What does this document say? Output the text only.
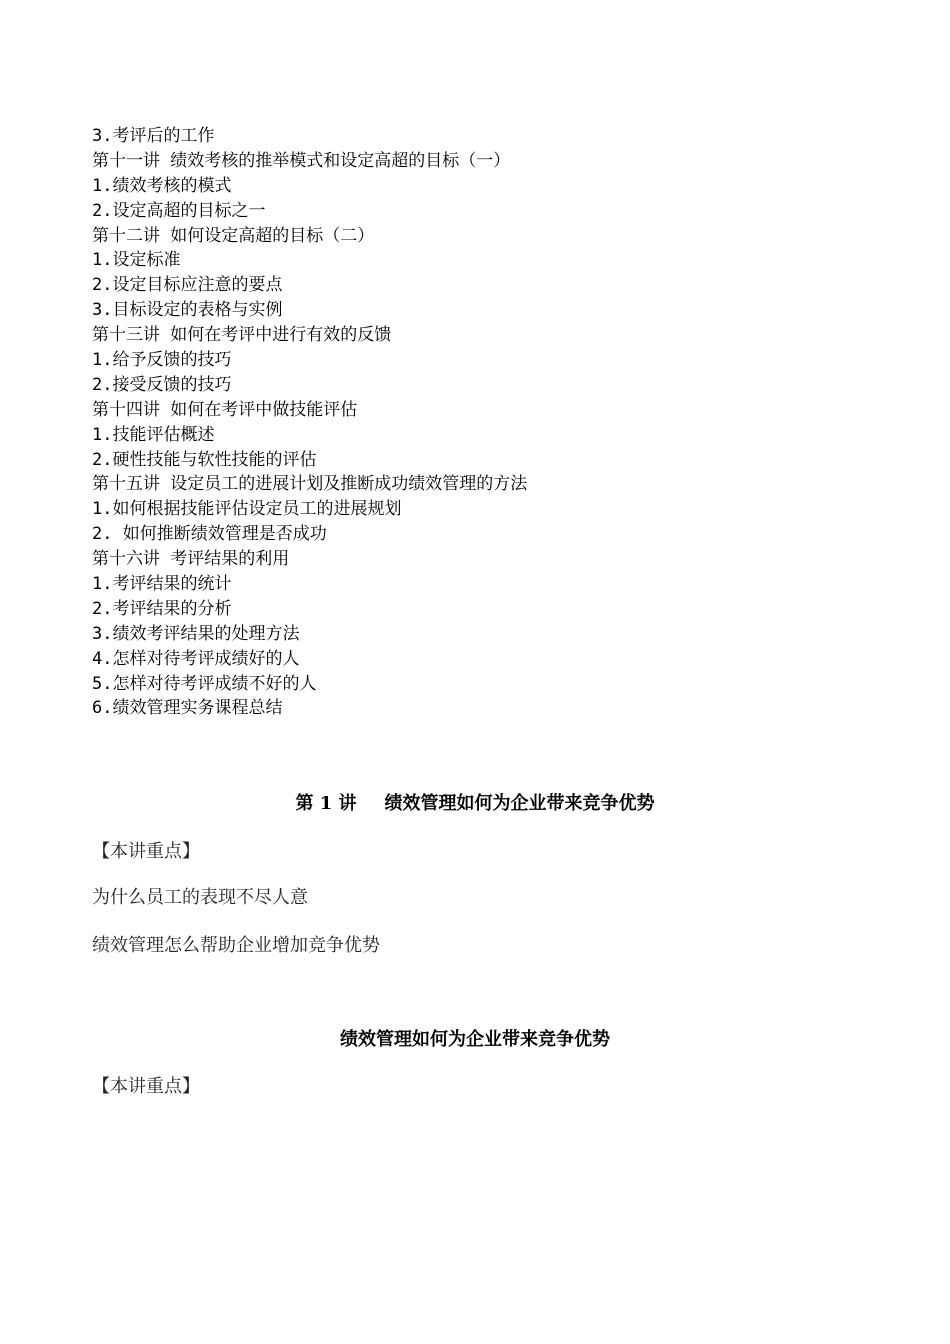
3.考评后的工作
第十一讲 绩效考核的推举模式和设定高超的目标（一）
1.绩效考核的模式
2.设定高超的目标之一
第十二讲 如何设定高超的目标（二）
1.设定标准
2.设定目标应注意的要点
3.目标设定的表格与实例
第十三讲 如何在考评中进行有效的反馈
1.给予反馈的技巧
2.接受反馈的技巧
第十四讲 如何在考评中做技能评估
1.技能评估概述
2.硬性技能与软性技能的评估
第十五讲 设定员工的进展计划及推断成功绩效管理的方法
1.如何根据技能评估设定员工的进展规划
2. 如何推断绩效管理是否成功
第十六讲 考评结果的利用
1.考评结果的统计
2.考评结果的分析
3.绩效考评结果的处理方法
4.怎样对待考评成绩好的人
5.怎样对待考评成绩不好的人
6.绩效管理实务课程总结
第 1 讲 绩效管理如何为企业带来竞争优势
【本讲重点】
为什么员工的表现不尽人意
绩效管理怎么帮助企业增加竞争优势
绩效管理如何为企业带来竞争优势
【本讲重点】
